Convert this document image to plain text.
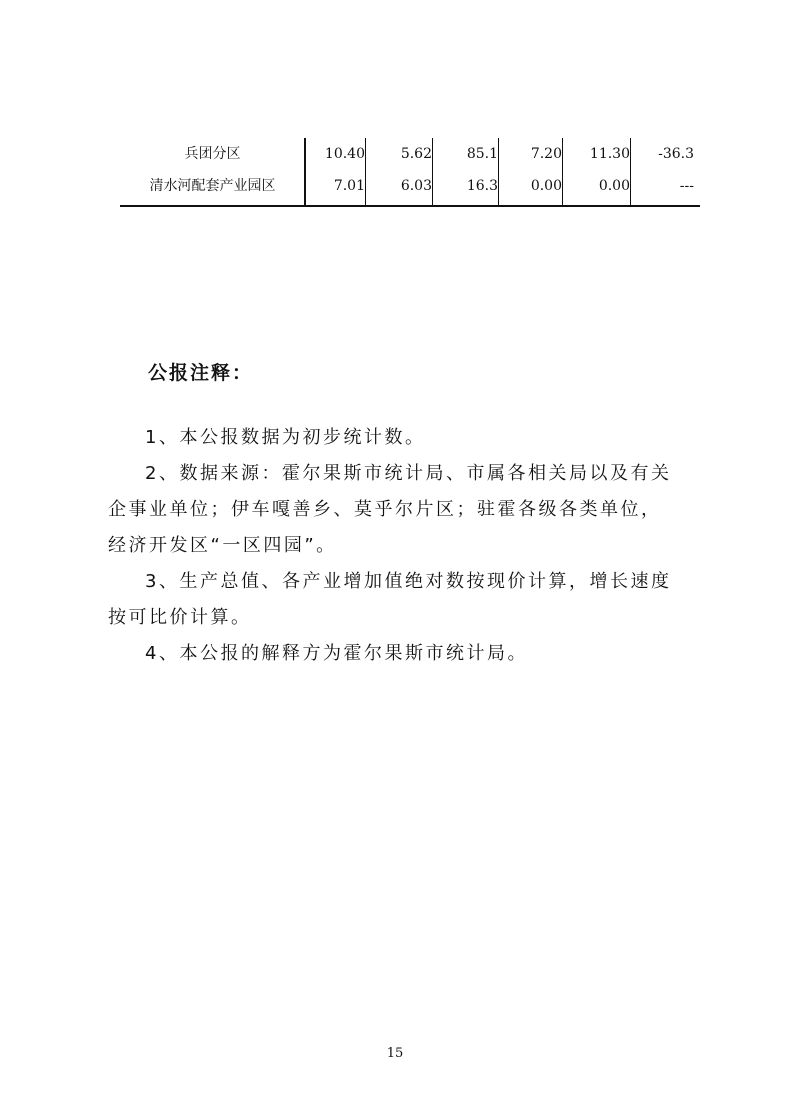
兵团分区	10.40	5.62	85.1	7.20	11.30	-36.3
清水河配套产业园区	7.01	6.03	16.3	0.00	0.00	---
公报注释：
1、本公报数据为初步统计数。
2、数据来源：霍尔果斯市统计局、市属各相关局以及有关
企事业单位；伊车嘎善乡、莫乎尔片区；驻霍各级各类单位，
经济开发区“一区四园”。
3、生产总值、各产业增加值绝对数按现价计算，增长速度
按可比价计算。
4、本公报的解释方为霍尔果斯市统计局。
15
